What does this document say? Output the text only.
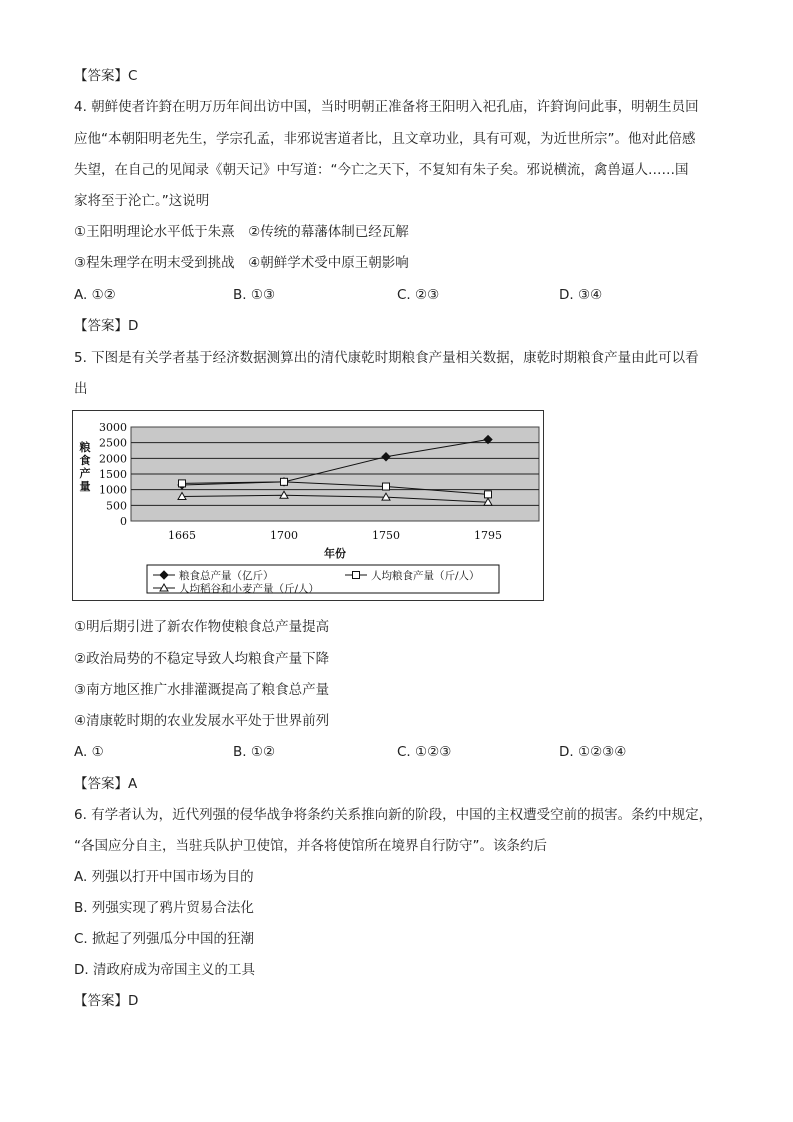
【答案】C
4. 朝鲜使者许篈在明万历年间出访中国，当时明朝正准备将王阳明入祀孔庙，许篈询问此事，明朝生员回
应他“本朝阳明老先生，学宗孔孟，非邪说害道者比，且文章功业，具有可观，为近世所宗”。他对此倍感
失望，在自己的见闻录《朝天记》中写道：“今亡之天下，不复知有朱子矣。邪说横流，禽兽逼人……国
家将至于沦亡。”这说明
①王阳明理论水平低于朱熹　②传统的幕藩体制已经瓦解
③程朱理学在明末受到挑战　④朝鲜学术受中原王朝影响
A. ①②	B. ①③	C. ②③	D. ③④
【答案】D
5. 下图是有关学者基于经济数据测算出的清代康乾时期粮食产量相关数据，康乾时期粮食产量由此可以看
出
0
500
1000
1500
2000
2500
3000
1665	1700	1750	1795
年份
粮食产量
粮食总产量（亿斤）	人均粮食产量（斤/人）
人均稻谷和小麦产量（斤/人）
①明后期引进了新农作物使粮食总产量提高
②政治局势的不稳定导致人均粮食产量下降
③南方地区推广水排灌溉提高了粮食总产量
④清康乾时期的农业发展水平处于世界前列
A. ①	B. ①②	C. ①②③	D. ①②③④
【答案】A
6. 有学者认为，近代列强的侵华战争将条约关系推向新的阶段，中国的主权遭受空前的损害。条约中规定，
“各国应分自主，当驻兵队护卫使馆，并各将使馆所在境界自行防守”。该条约后
A. 列强以打开中国市场为目的
B. 列强实现了鸦片贸易合法化
C. 掀起了列强瓜分中国的狂潮
D. 清政府成为帝国主义的工具
【答案】D
